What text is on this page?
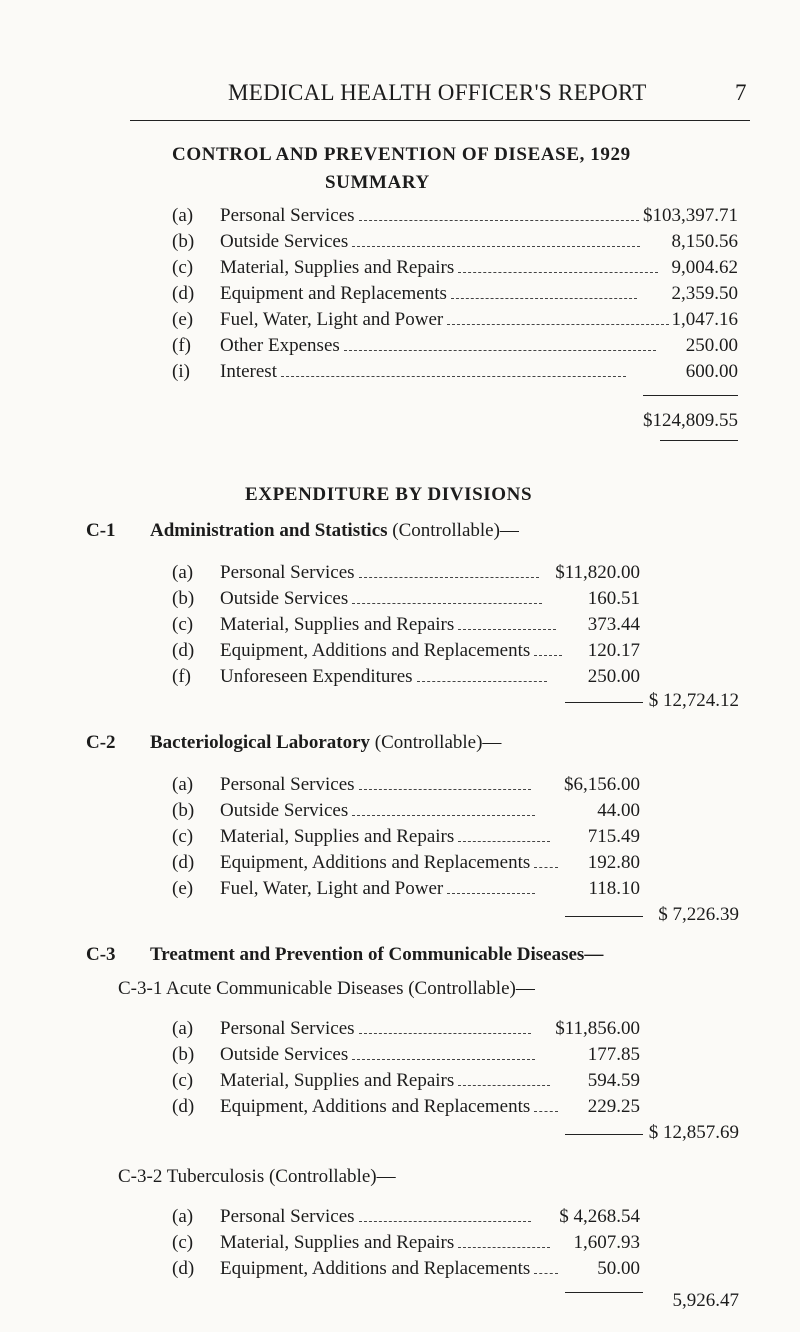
MEDICAL HEALTH OFFICER'S REPORT	7
CONTROL AND PREVENTION OF DISEASE, 1929
SUMMARY
(a) Personal Services	$103,397.71
(b) Outside Services	8,150.56
(c) Material, Supplies and Repairs	9,004.62
(d) Equipment and Replacements	2,359.50
(e) Fuel, Water, Light and Power	1,047.16
(f) Other Expenses	250.00
(i) Interest	600.00
$124,809.55
EXPENDITURE BY DIVISIONS
C-1 Administration and Statistics (Controllable)—
(a) Personal Services	$11,820.00
(b) Outside Services	160.51
(c) Material, Supplies and Repairs	373.44
(d) Equipment, Additions and Replacements	120.17
(f) Unforeseen Expenditures	250.00
$ 12,724.12
C-2 Bacteriological Laboratory (Controllable)—
(a) Personal Services	$6,156.00
(b) Outside Services	44.00
(c) Material, Supplies and Repairs	715.49
(d) Equipment, Additions and Replacements	192.80
(e) Fuel, Water, Light and Power	118.10
$ 7,226.39
C-3 Treatment and Prevention of Communicable Diseases—
C-3-1 Acute Communicable Diseases (Controllable)—
(a) Personal Services	$11,856.00
(b) Outside Services	177.85
(c) Material, Supplies and Repairs	594.59
(d) Equipment, Additions and Replacements	229.25
$ 12,857.69
C-3-2 Tuberculosis (Controllable)—
(a) Personal Services	$ 4,268.54
(c) Material, Supplies and Repairs	1,607.93
(d) Equipment, Additions and Replacements	50.00
5,926.47
